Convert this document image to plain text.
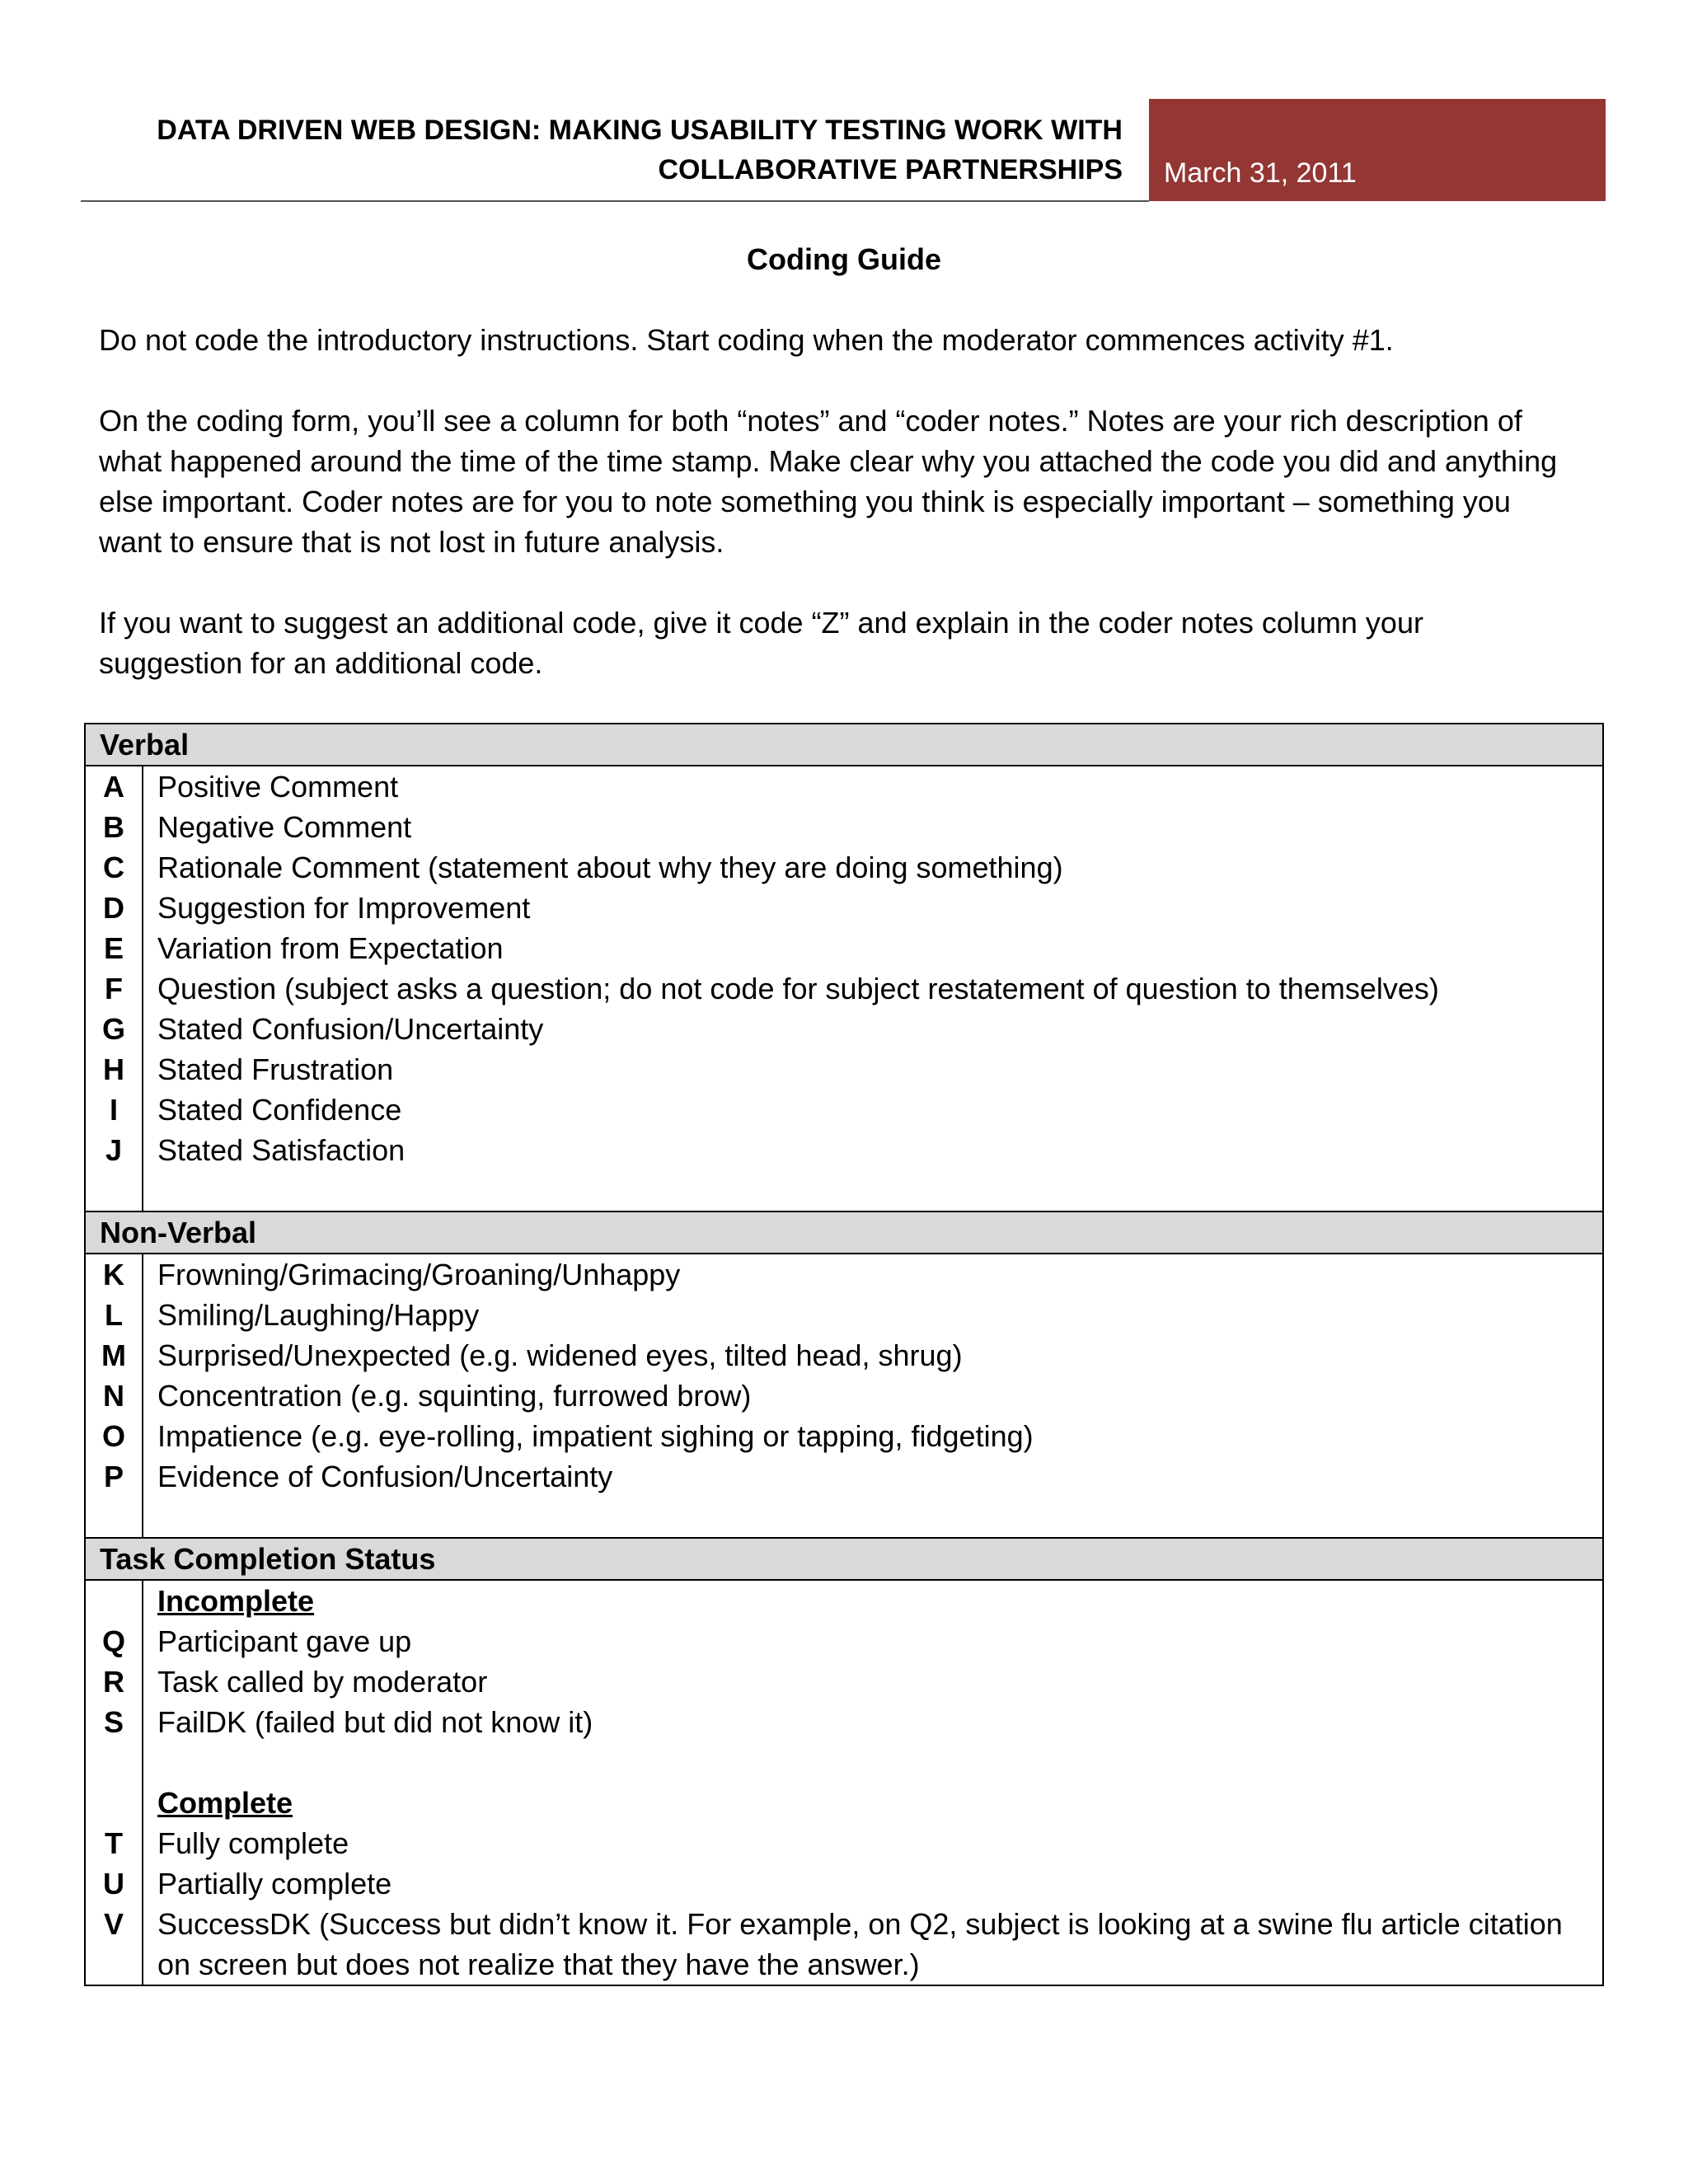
DATA DRIVEN WEB DESIGN: MAKING USABILITY TESTING WORK WITH
COLLABORATIVE PARTNERSHIPS	March 31, 2011
Coding Guide

Do not code the introductory instructions. Start coding when the moderator commences activity #1.

On the coding form, you’ll see a column for both “notes” and “coder notes.” Notes are your rich description of what happened around the time of the time stamp. Make clear why you attached the code you did and anything else important. Coder notes are for you to note something you think is especially important – something you want to ensure that is not lost in future analysis.

If you want to suggest an additional code, give it code “Z” and explain in the coder notes column your suggestion for an additional code.

Verbal
A
B
C
D
E
F
G
H
I
J
Positive Comment
Negative Comment
Rationale Comment (statement about why they are doing something)
Suggestion for Improvement
Variation from Expectation
Question (subject asks a question; do not code for subject restatement of question to themselves)
Stated Confusion/Uncertainty
Stated Frustration
Stated Confidence
Stated Satisfaction
Non-Verbal
K
L
M
N
O
P
Frowning/Grimacing/Groaning/Unhappy
Smiling/Laughing/Happy
Surprised/Unexpected (e.g. widened eyes, tilted head, shrug)
Concentration (e.g. squinting, furrowed brow)
Impatience (e.g. eye-rolling, impatient sighing or tapping, fidgeting)
Evidence of Confusion/Uncertainty
Task Completion Status
Q
R
S
T
U
V
Incomplete
Participant gave up
Task called by moderator
FailDK (failed but did not know it)
Complete
Fully complete
Partially complete
SuccessDK (Success but didn’t know it. For example, on Q2, subject is looking at a swine flu article citation
on screen but does not realize that they have the answer.)
